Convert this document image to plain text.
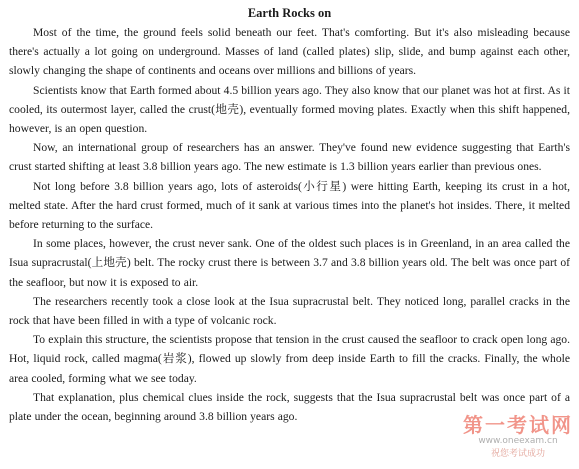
Earth Rocks on

Most of the time, the ground feels solid beneath our feet. That's comforting. But it's also misleading because there's actually a lot going on underground. Masses of land (called plates) slip, slide, and bump against each other, slowly changing the shape of continents and oceans over millions and billions of years.

Scientists know that Earth formed about 4.5 billion years ago. They also know that our planet was hot at first. As it cooled, its outermost layer, called the crust(地壳), eventually formed moving plates. Exactly when this shift happened, however, is an open question.

Now, an international group of researchers has an answer. They've found new evidence suggesting that Earth's crust started shifting at least 3.8 billion years ago. The new estimate is 1.3 billion years earlier than previous ones.

Not long before 3.8 billion years ago, lots of asteroids(小行星) were hitting Earth, keeping its crust in a hot, melted state. After the hard crust formed, much of it sank at various times into the planet's hot insides. There, it melted before returning to the surface.

In some places, however, the crust never sank. One of the oldest such places is in Greenland, in an area called the Isua supracrustal(上地壳) belt. The rocky crust there is between 3.7 and 3.8 billion years old. The belt was once part of the seafloor, but now it is exposed to air.

The researchers recently took a close look at the Isua supracrustal belt. They noticed long, parallel cracks in the rock that have been filled in with a type of volcanic rock.

To explain this structure, the scientists propose that tension in the crust caused the seafloor to crack open long ago. Hot, liquid rock, called magma(岩浆), flowed up slowly from deep inside Earth to fill the cracks. Finally, the whole area cooled, forming what we see today.

That explanation, plus chemical clues inside the rock, suggests that the Isua supracrustal belt was once part of a plate under the ocean, beginning around 3.8 billion years ago.	第一考试网
www.oneexam.cn
祝您考试成功
